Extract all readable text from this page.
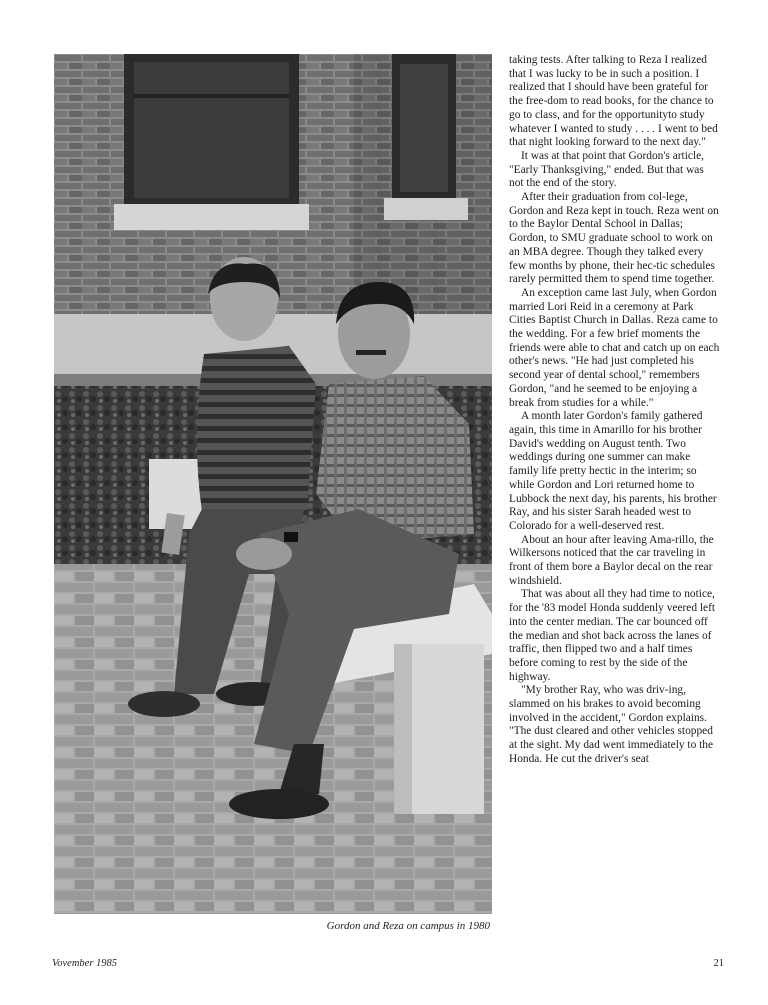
Gordon and Reza on campus in 1980

taking tests. After talking to Reza I realized that I was lucky to be in such a position. I realized that I should have been grateful for the free-dom to read books, for the chance to go to class, and for the opportunityto study whatever I wanted to study . . . . I went to bed that night looking forward to the next day."

It was at that point that Gordon's article, "Early Thanksgiving," ended. But that was not the end of the story.

After their graduation from col-lege, Gordon and Reza kept in touch. Reza went on to the Baylor Dental School in Dallas; Gordon, to SMU graduate school to work on an MBA degree. Though they talked every few months by phone, their hec-tic schedules rarely permitted them to spend time together.

An exception came last July, when Gordon married Lori Reid in a ceremony at Park Cities Baptist Church in Dallas. Reza came to the wedding. For a few brief moments the friends were able to chat and catch up on each other's news. "He had just completed his second year of dental school," remembers Gordon, "and he seemed to be enjoying a break from studies for a while."

A month later Gordon's family gathered again, this time in Amarillo for his brother David's wedding on August tenth. Two weddings during one summer can make family life pretty hectic in the interim; so while Gordon and Lori returned home to Lubbock the next day, his parents, his brother Ray, and his sister Sarah headed west to Colorado for a well-deserved rest.

About an hour after leaving Ama-rillo, the Wilkersons noticed that the car traveling in front of them bore a Baylor decal on the rear windshield.

That was about all they had time to notice, for the '83 model Honda suddenly veered left into the center median. The car bounced off the median and shot back across the lanes of traffic, then flipped two and a half times before coming to rest by the side of the highway.

"My brother Ray, who was driv-ing, slammed on his brakes to avoid becoming involved in the accident," Gordon explains. "The dust cleared and other vehicles stopped at the sight. My dad went immediately to the Honda. He cut the driver's seat

Vovember 1985	21
